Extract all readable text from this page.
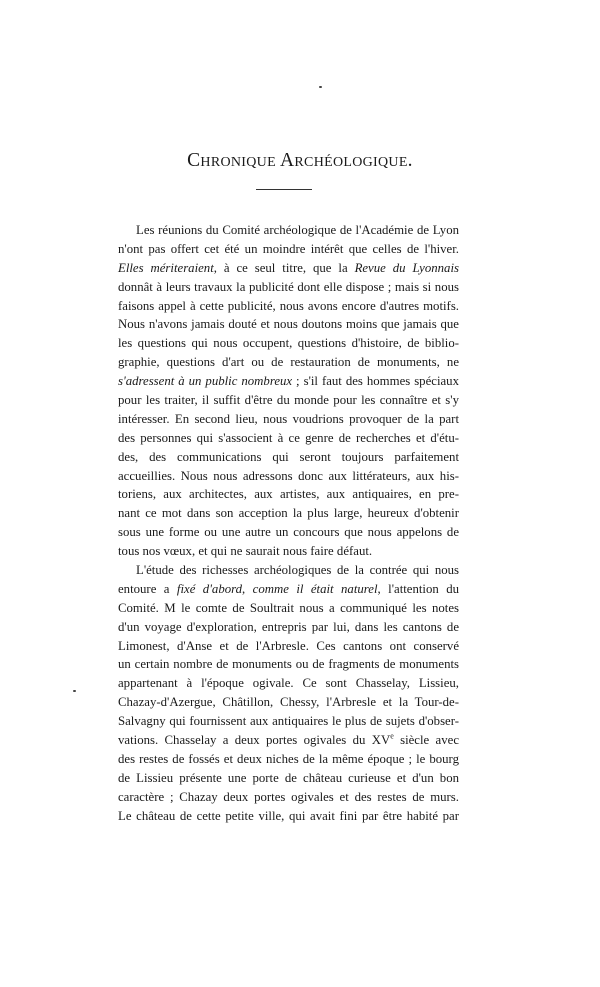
Chronique Archéologique.
Les réunions du Comité archéologique de l'Académie de Lyon
n'ont pas offert cet été un moindre intérêt que celles de l'hiver.
Elles mériteraient, à ce seul titre, que la Revue du Lyonnais
donnât à leurs travaux la publicité dont elle dispose ; mais si nous
faisons appel à cette publicité, nous avons encore d'autres motifs.
Nous n'avons jamais douté et nous doutons moins que jamais que
les questions qui nous occupent, questions d'histoire, de biblio-
graphie, questions d'art ou de restauration de monuments, ne
s'adressent à un public nombreux ; s'il faut des hommes spéciaux
pour les traiter, il suffit d'être du monde pour les connaître et s'y
intéresser. En second lieu, nous voudrions provoquer de la part
des personnes qui s'associent à ce genre de recherches et d'étu-
des, des communications qui seront toujours parfaitement
accueillies. Nous nous adressons donc aux littérateurs, aux his-
toriens, aux architectes, aux artistes, aux antiquaires, en pre-
nant ce mot dans son acception la plus large, heureux d'obtenir
sous une forme ou une autre un concours que nous appelons de
tous nos vœux, et qui ne saurait nous faire défaut.
L'étude des richesses archéologiques de la contrée qui nous
entoure a fixé d'abord, comme il était naturel, l'attention du
Comité. M le comte de Soultrait nous a communiqué les notes
d'un voyage d'exploration, entrepris par lui, dans les cantons de
Limonest, d'Anse et de l'Arbresle. Ces cantons ont conservé
un certain nombre de monuments ou de fragments de monuments
appartenant à l'époque ogivale. Ce sont Chasselay, Lissieu,
Chazay-d'Azergue, Châtillon, Chessy, l'Arbresle et la Tour-de-
Salvagny qui fournissent aux antiquaires le plus de sujets d'obser-
vations. Chasselay a deux portes ogivales du XVe siècle avec
des restes de fossés et deux niches de la même époque ; le bourg
de Lissieu présente une porte de château curieuse et d'un bon
caractère ; Chazay deux portes ogivales et des restes de murs.
Le château de cette petite ville, qui avait fini par être habité par
